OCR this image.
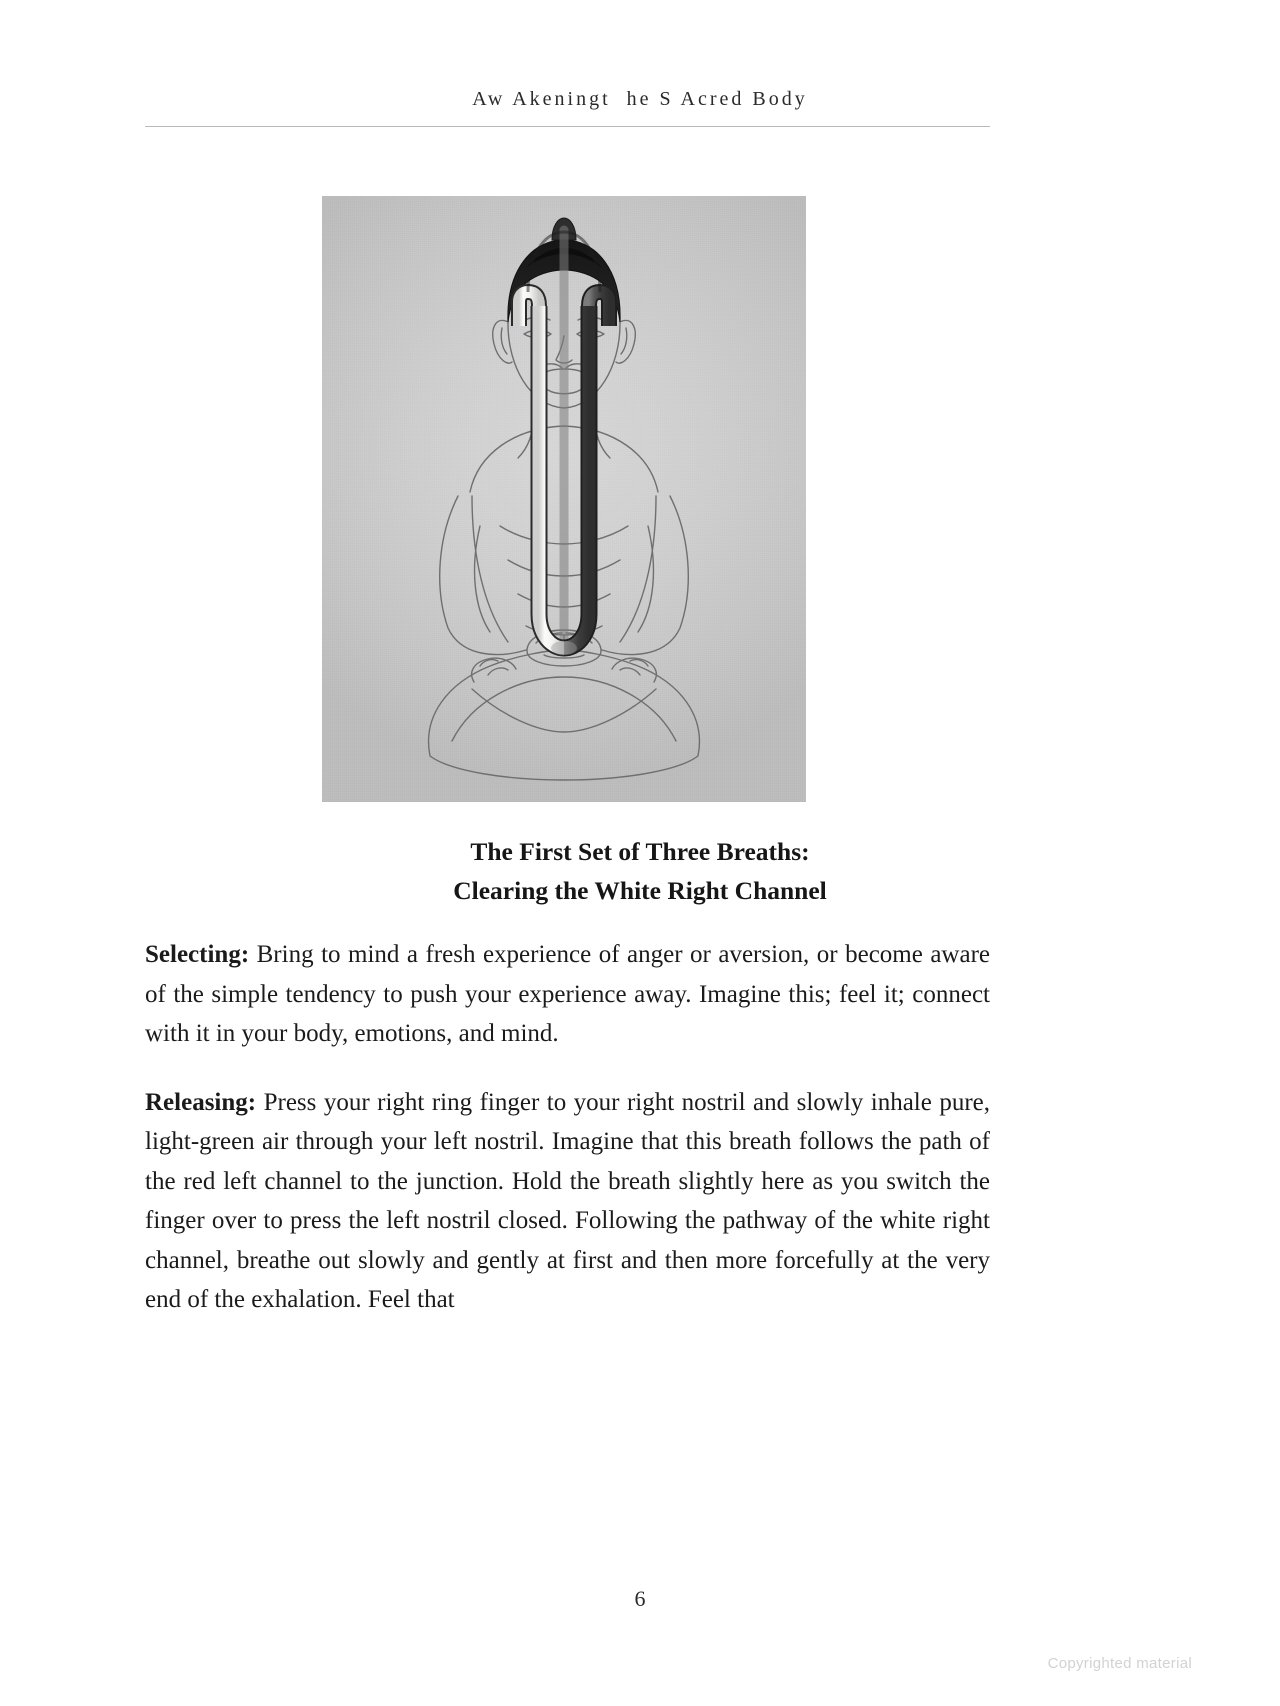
Aw Akeningt  he S Acred Body
The First Set of Three Breaths:
Clearing the White Right Channel

Selecting: Bring to mind a fresh experience of anger or aversion, or become aware of the simple tendency to push your experience away. Imagine this; feel it; connect with it in your body, emotions, and mind.

Releasing: Press your right ring finger to your right nostril and slowly inhale pure, light-green air through your left nostril. Imagine that this breath follows the path of the red left channel to the junction. Hold the breath slightly here as you switch the finger over to press the left nostril closed. Following the pathway of the white right channel, breathe out slowly and gently at first and then more forcefully at the very end of the exhalation. Feel that

6
Copyrighted material
